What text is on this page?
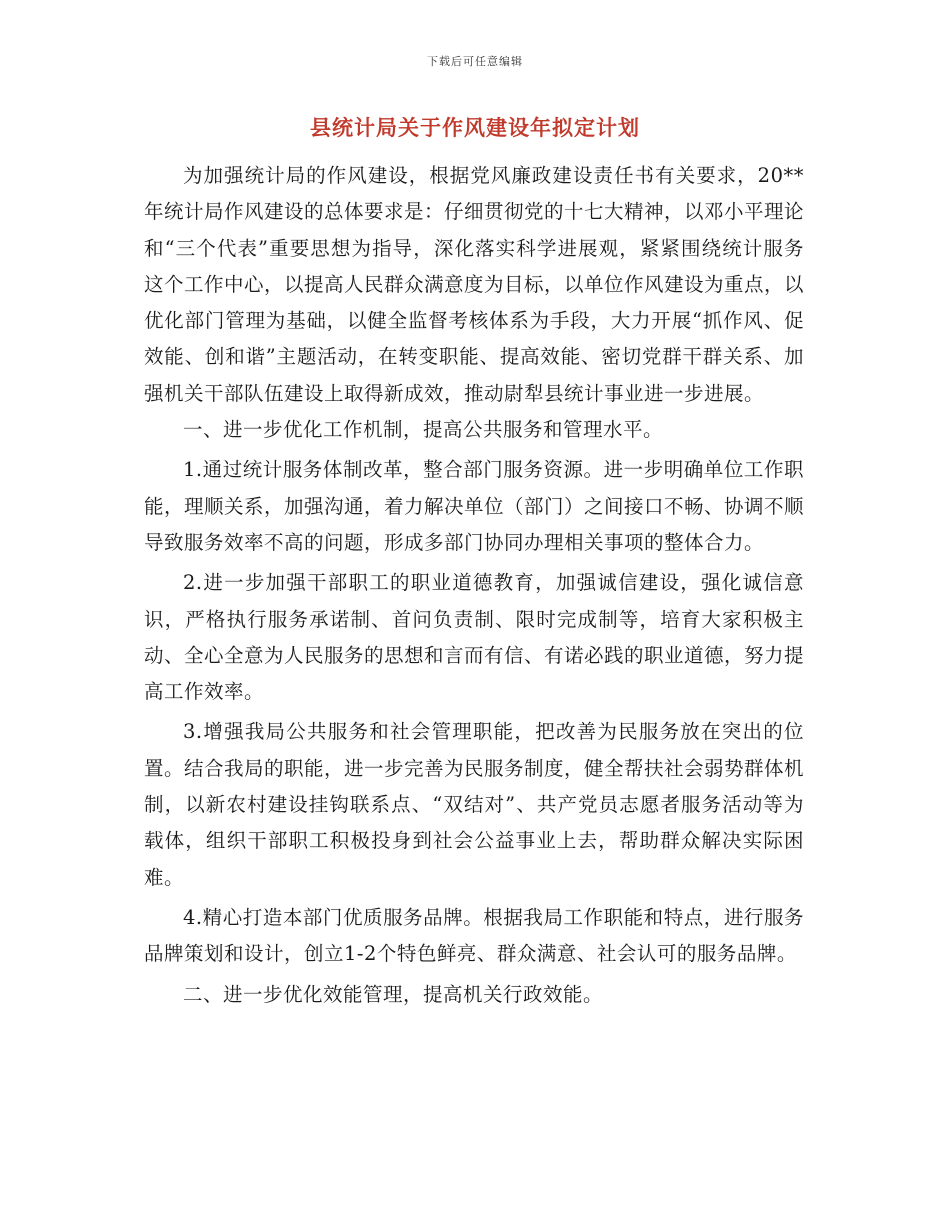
下载后可任意编辑
县统计局关于作风建设年拟定计划

为加强统计局的作风建设，根据党风廉政建设责任书有关要求，20**年统计局作风建设的总体要求是：仔细贯彻党的十七大精神，以邓小平理论和“三个代表”重要思想为指导，深化落实科学进展观，紧紧围绕统计服务这个工作中心，以提高人民群众满意度为目标，以单位作风建设为重点，以优化部门管理为基础，以健全监督考核体系为手段，大力开展“抓作风、促效能、创和谐”主题活动，在转变职能、提高效能、密切党群干群关系、加强机关干部队伍建设上取得新成效，推动尉犁县统计事业进一步进展。

一、进一步优化工作机制，提高公共服务和管理水平。

1.通过统计服务体制改革，整合部门服务资源。进一步明确单位工作职能，理顺关系，加强沟通，着力解决单位（部门）之间接口不畅、协调不顺导致服务效率不高的问题，形成多部门协同办理相关事项的整体合力。

2.进一步加强干部职工的职业道德教育，加强诚信建设，强化诚信意识，严格执行服务承诺制、首问负责制、限时完成制等，培育大家积极主动、全心全意为人民服务的思想和言而有信、有诺必践的职业道德，努力提高工作效率。

3.增强我局公共服务和社会管理职能，把改善为民服务放在突出的位置。结合我局的职能，进一步完善为民服务制度，健全帮扶社会弱势群体机制，以新农村建设挂钩联系点、“双结对”、共产党员志愿者服务活动等为载体，组织干部职工积极投身到社会公益事业上去，帮助群众解决实际困难。

4.精心打造本部门优质服务品牌。根据我局工作职能和特点，进行服务品牌策划和设计，创立1-2个特色鲜亮、群众满意、社会认可的服务品牌。

二、进一步优化效能管理，提高机关行政效能。
